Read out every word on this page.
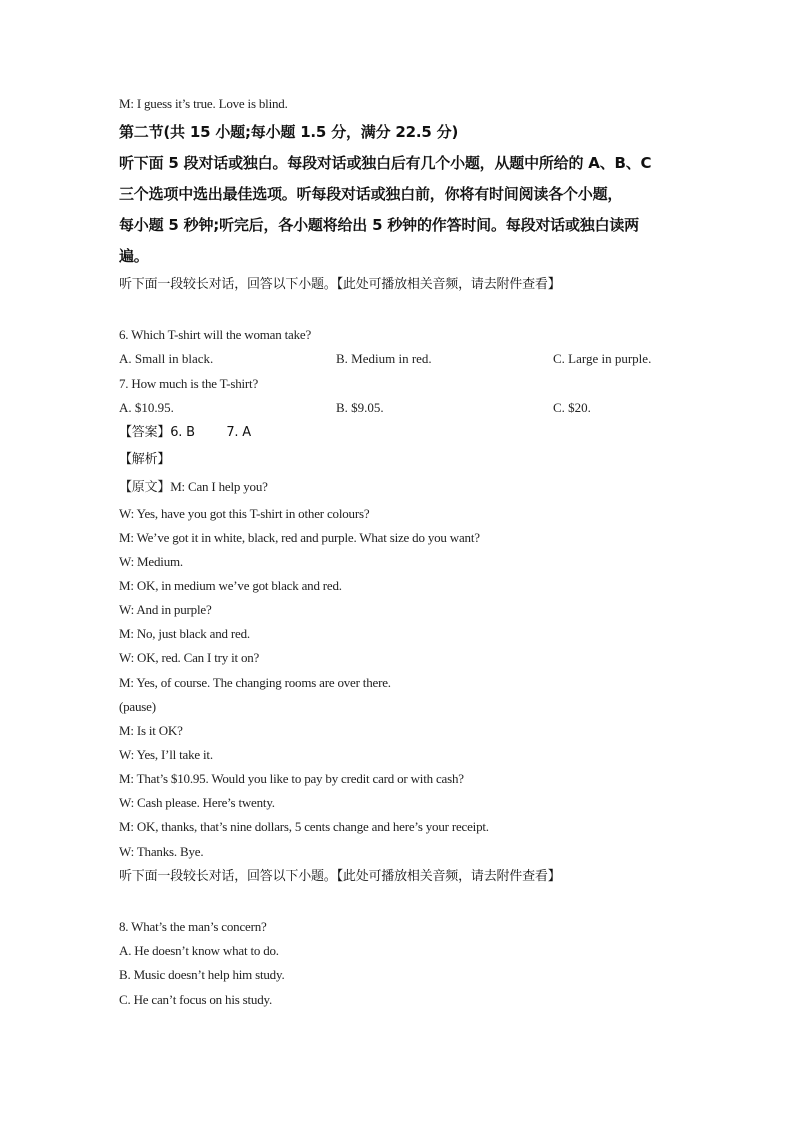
M: I guess it’s true. Love is blind.
第二节(共 15 小题;每小题 1.5 分，满分 22.5 分)
听下面 5 段对话或独白。每段对话或独白后有几个小题，从题中所给的 A、B、C
三个选项中选出最佳选项。听每段对话或独白前，你将有时间阅读各个小题，
每小题 5 秒钟;听完后，各小题将给出 5 秒钟的作答时间。每段对话或独白读两
遍。
听下面一段较长对话，回答以下小题。【此处可播放相关音频，请去附件查看】
6. Which T-shirt will the woman take?
A. Small in black.	B. Medium in red.	C. Large in purple.
7. How much is the T-shirt?
A. $10.95.	B. $9.05.	C. $20.
【答案】6. B        7. A
【解析】
【原文】M: Can I help you?
W: Yes, have you got this T-shirt in other colours?
M: We’ve got it in white, black, red and purple. What size do you want?
W: Medium.
M: OK, in medium we’ve got black and red.
W: And in purple?
M: No, just black and red.
W: OK, red. Can I try it on?
M: Yes, of course. The changing rooms are over there.
(pause)
M: Is it OK?
W: Yes, I’ll take it.
M: That’s $10.95. Would you like to pay by credit card or with cash?
W: Cash please. Here’s twenty.
M: OK, thanks, that’s nine dollars, 5 cents change and here’s your receipt.
W: Thanks. Bye.
听下面一段较长对话，回答以下小题。【此处可播放相关音频，请去附件查看】
8. What’s the man’s concern?
A. He doesn’t know what to do.
B. Music doesn’t help him study.
C. He can’t focus on his study.
